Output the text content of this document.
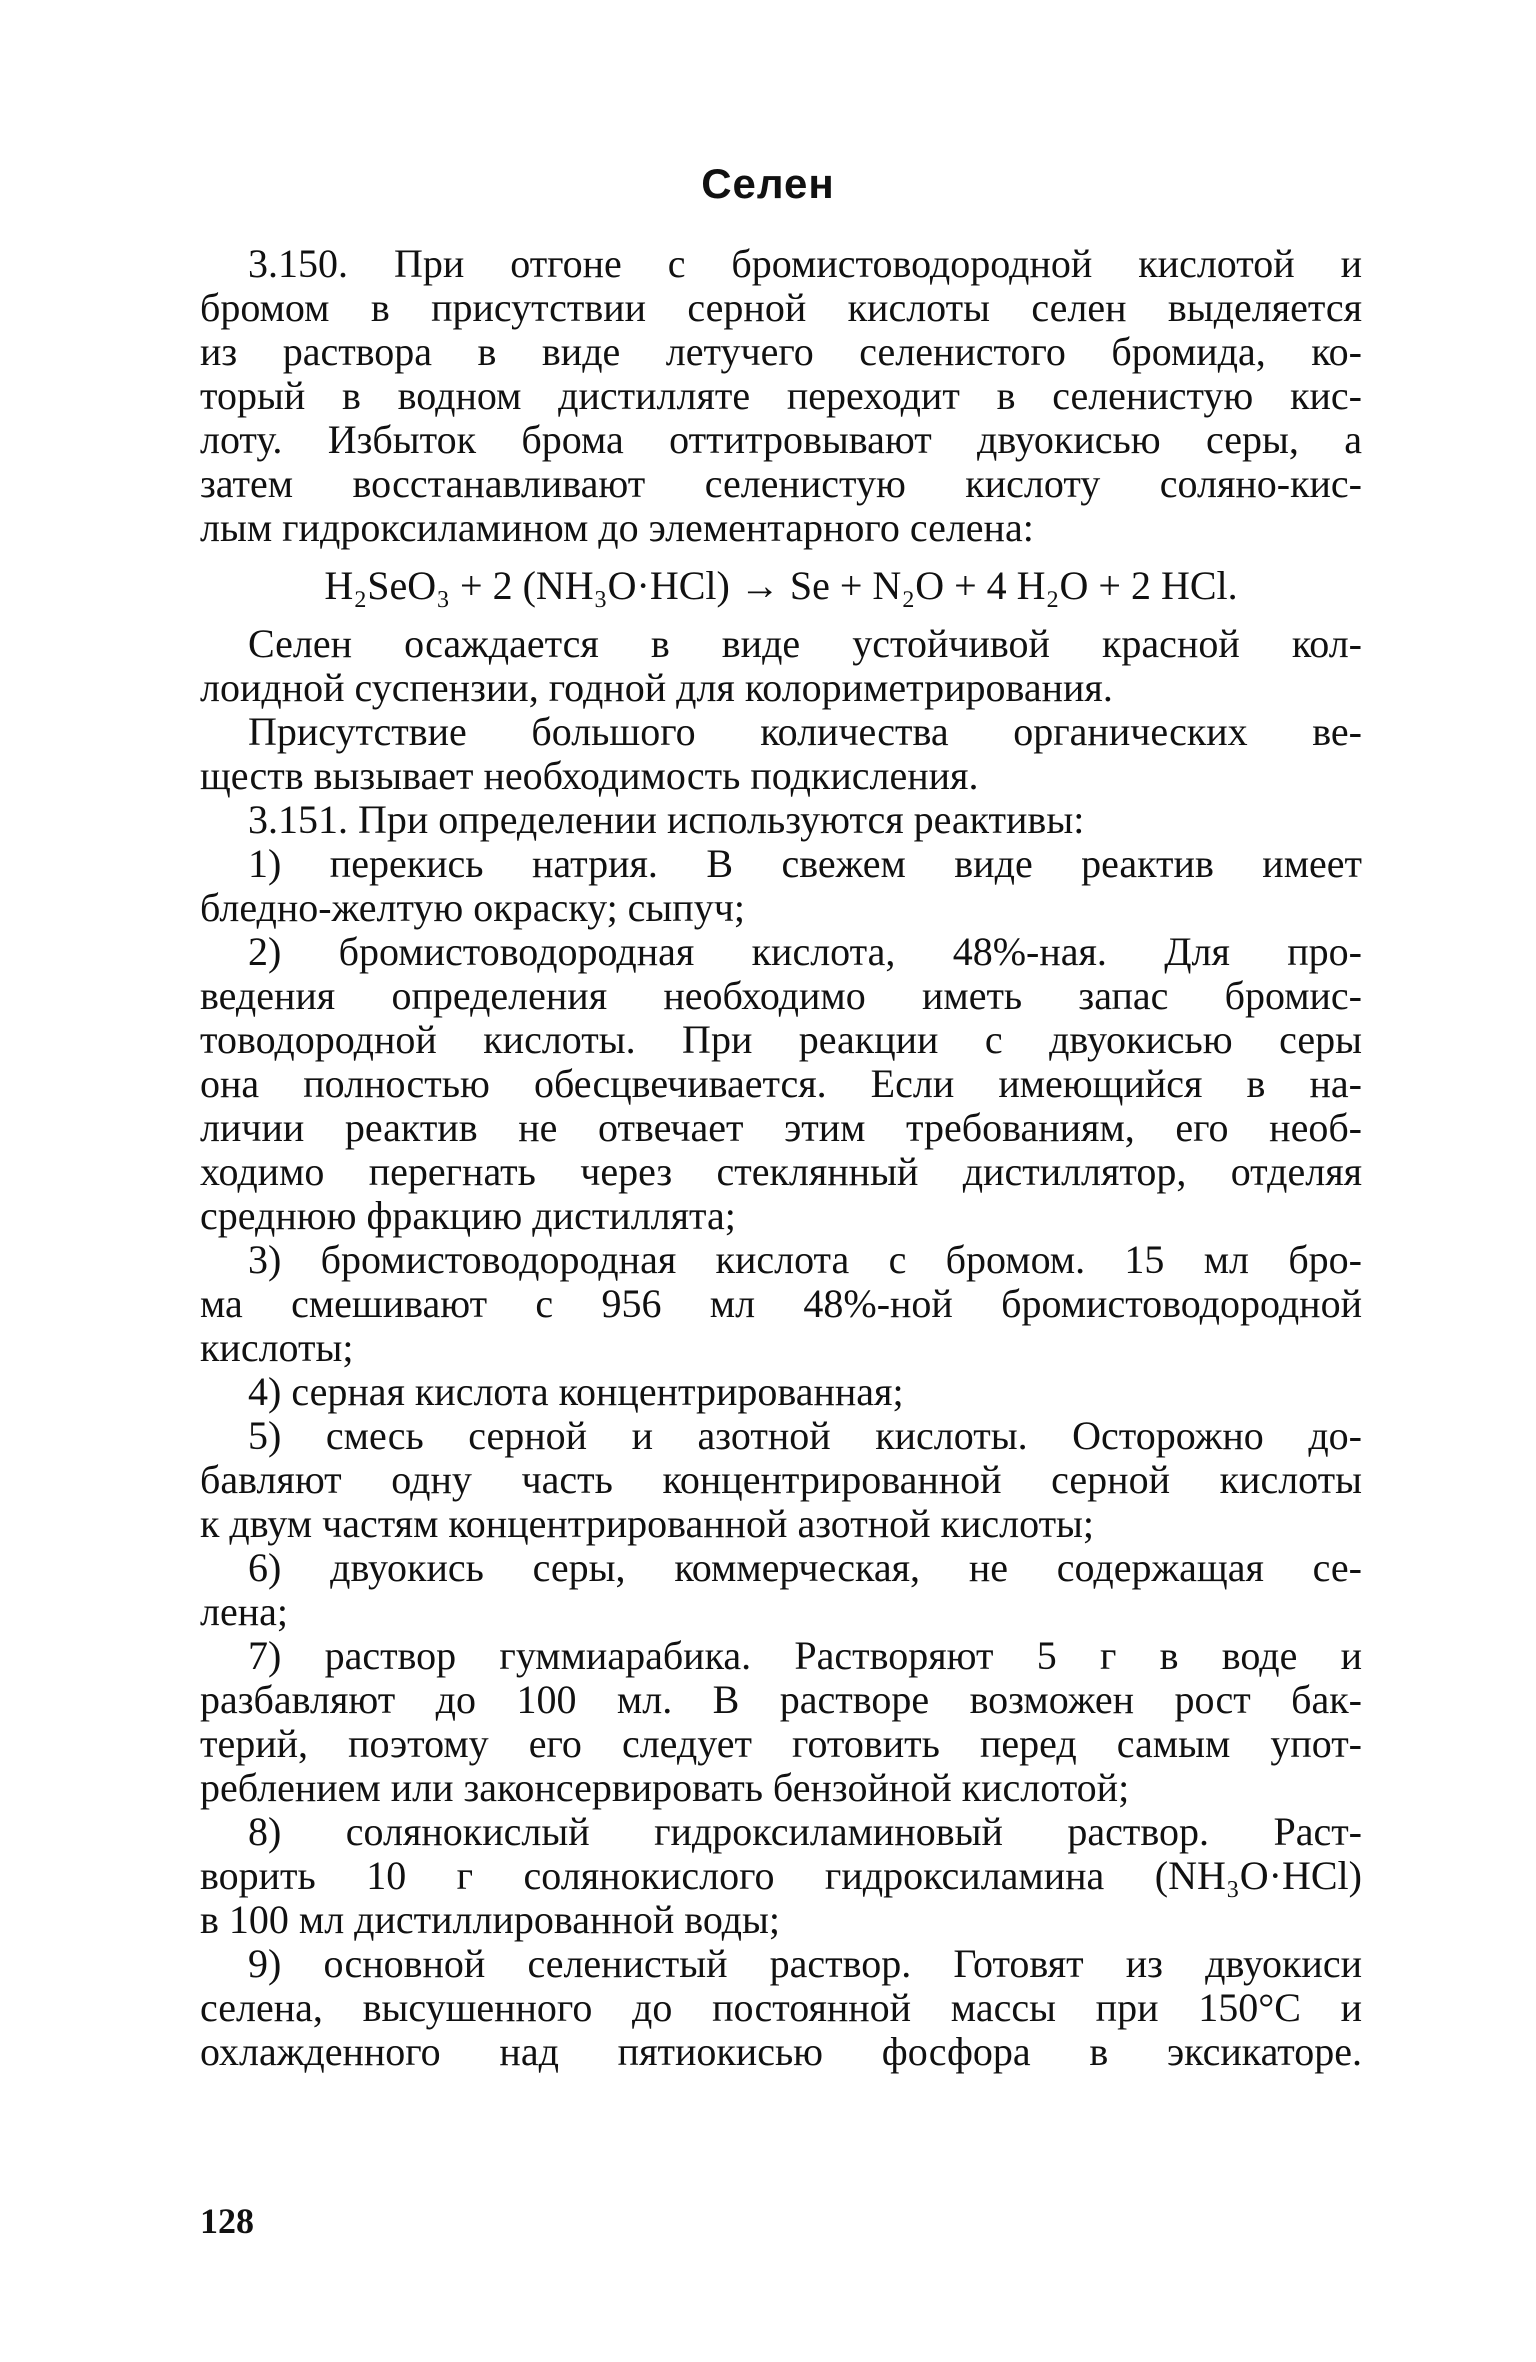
Селен
3.150. При отгоне с бромистоводородной кислотой и
бромом в присутствии серной кислоты селен выделяется
из раствора в виде летучего селенистого бромида, ко-
торый в водном дистилляте переходит в селенистую кис-
лоту. Избыток брома оттитровывают двуокисью серы, а
затем восстанавливают селенистую кислоту соляно-кис-
лым гидроксиламином до элементарного селена:
H₂SeO₃ + 2 (NH₃O·HCl) → Se + N₂O + 4 H₂O + 2 HCl.
Селен осаждается в виде устойчивой красной кол-
лоидной суспензии, годной для колориметрирования.
Присутствие большого количества органических ве-
ществ вызывает необходимость подкисления.
3.151. При определении используются реактивы:
1) перекись натрия. В свежем виде реактив имеет
бледно-желтую окраску; сыпуч;
2) бромистоводородная кислота, 48%-ная. Для про-
ведения определения необходимо иметь запас бромис-
товодородной кислоты. При реакции с двуокисью серы
она полностью обесцвечивается. Если имеющийся в на-
личии реактив не отвечает этим требованиям, его необ-
ходимо перегнать через стеклянный дистиллятор, отделяя
среднюю фракцию дистиллята;
3) бромистоводородная кислота с бромом. 15 мл бро-
ма смешивают с 956 мл 48%-ной бромистоводородной
кислоты;
4) серная кислота концентрированная;
5) смесь серной и азотной кислоты. Осторожно до-
бавляют одну часть концентрированной серной кислоты
к двум частям концентрированной азотной кислоты;
6) двуокись серы, коммерческая, не содержащая се-
лена;
7) раствор гуммиарабика. Растворяют 5 г в воде и
разбавляют до 100 мл. В растворе возможен рост бак-
терий, поэтому его следует готовить перед самым упот-
реблением или законсервировать бензойной кислотой;
8) солянокислый гидроксиламиновый раствор. Раст-
ворить 10 г солянокислого гидроксиламина (NH₃O·HCl)
в 100 мл дистиллированной воды;
9) основной селенистый раствор. Готовят из двуокиси
селена, высушенного до постоянной массы при 150°C и
охлажденного над пятиокисью фосфора в эксикаторе.
128
